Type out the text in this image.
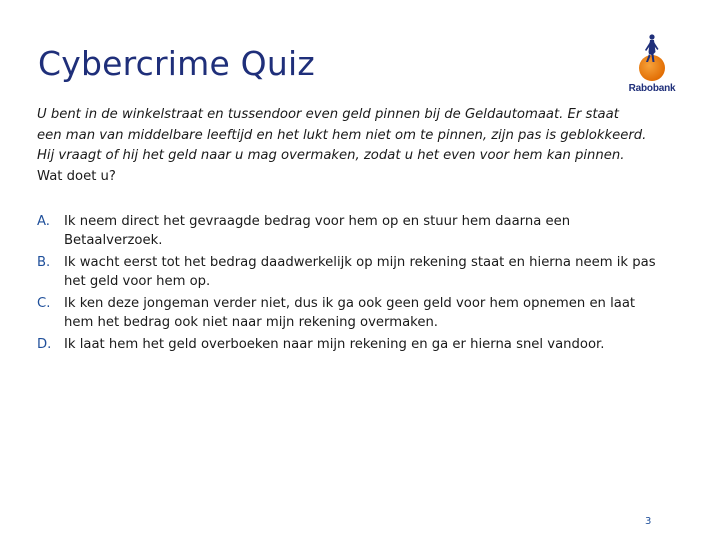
Cybercrime Quiz
Rabobank
U bent in de winkelstraat en tussendoor even geld pinnen bij de Geldautomaat. Er staat een man van middelbare leeftijd en het lukt hem niet om te pinnen, zijn pas is geblokkeerd. Hij vraagt of hij het geld naar u mag overmaken, zodat u het even voor hem kan pinnen.
Wat doet u?
A. Ik neem direct het gevraagde bedrag voor hem op en stuur hem daarna een Betaalverzoek.
B. Ik wacht eerst tot het bedrag daadwerkelijk op mijn rekening staat en hierna neem ik pas het geld voor hem op.
C. Ik ken deze jongeman verder niet, dus ik ga ook geen geld voor hem opnemen en laat hem het bedrag ook niet naar mijn rekening overmaken.
D. Ik laat hem het geld overboeken naar mijn rekening en ga er hierna snel vandoor.
3
